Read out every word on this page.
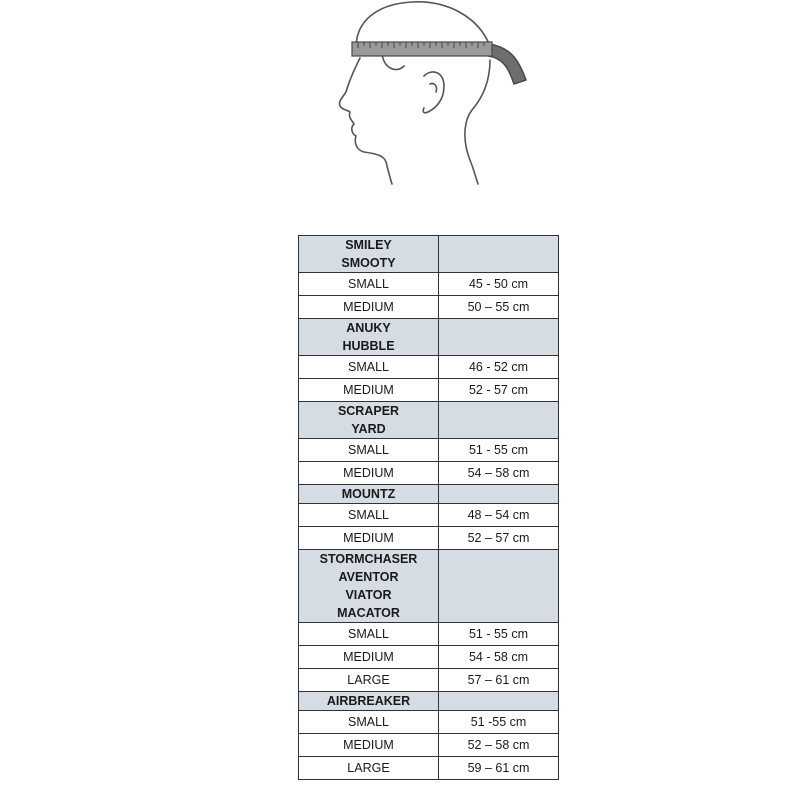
SMILEY
SMOOTY	

SMALL	45 - 50 cm
MEDIUM	50 – 55 cm

ANUKY
HUBBLE	

SMALL	46 - 52 cm
MEDIUM	52 - 57 cm

SCRAPER
YARD	

SMALL	51 - 55 cm
MEDIUM	54 – 58 cm

MOUNTZ	

SMALL	48 – 54 cm
MEDIUM	52 – 57 cm

STORMCHASER
AVENTOR
VIATOR
MACATOR	

SMALL	51 - 55 cm
MEDIUM	54 - 58 cm
LARGE	57 – 61 cm

AIRBREAKER	

SMALL	51 -55 cm
MEDIUM	52 – 58 cm
LARGE	59 – 61 cm
